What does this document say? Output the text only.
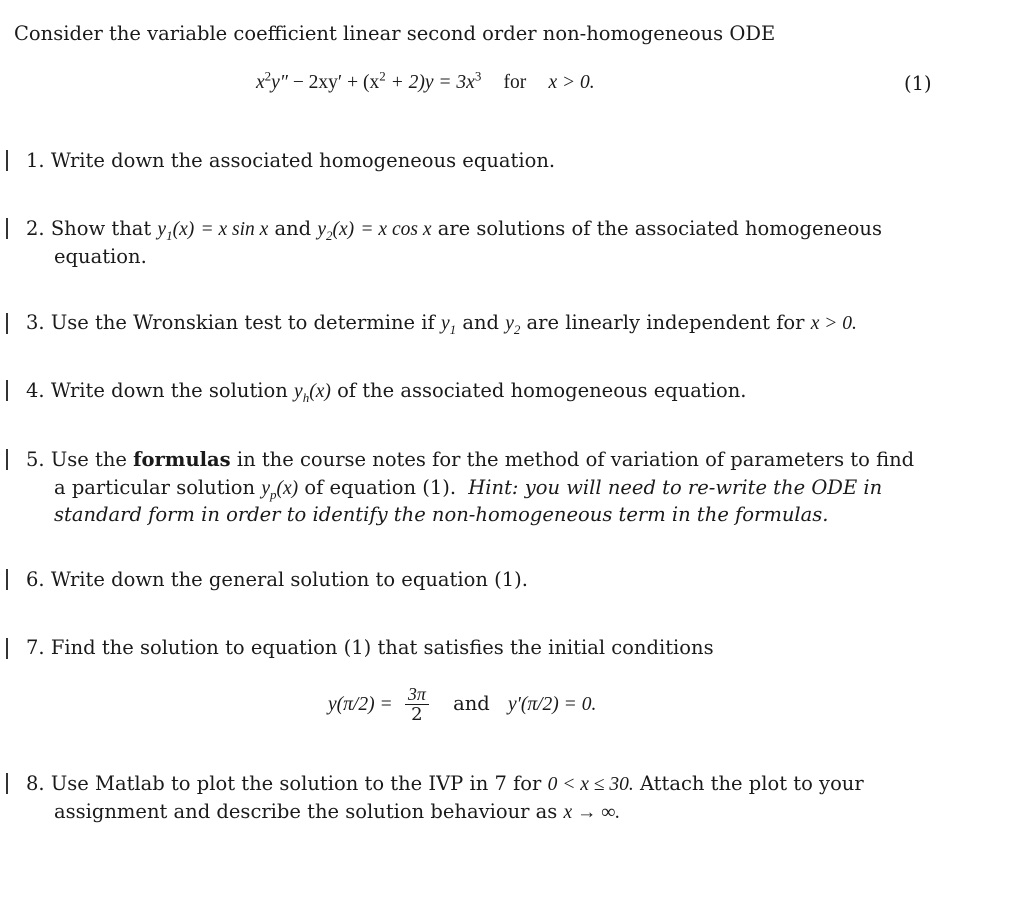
Consider the variable coefficient linear second order non-homogeneous ODE
$x^2y'' - 2xy' + (x^2 + 2)y = 3x^3$ for x > 0.	(1)
1. Write down the associated homogeneous equation.
2. Show that $y_1(x) = x$ sin x and $y_2(x) = x$ cos x are solutions of the associated homogeneous
equation.
3. Use the Wronskian test to determine if $y_1$ and $y_2$ are linearly independent for x > 0.
4. Write down the solution $y_h(x)$ of the associated homogeneous equation.
5. Use the formulas in the course notes for the method of variation of parameters to find
a particular solution $y_p(x)$ of equation (1). Hint: you will need to re-write the ODE in
standard form in order to identify the non-homogeneous term in the formulas.
6. Write down the general solution to equation (1).
7. Find the solution to equation (1) that satisfies the initial conditions
$y(\pi/2) = \frac{3\pi}{2}$ and y′(π/2) = 0.
8. Use Matlab to plot the solution to the IVP in 7 for 0 < x ≤ 30. Attach the plot to your
assignment and describe the solution behaviour as x → ∞.
